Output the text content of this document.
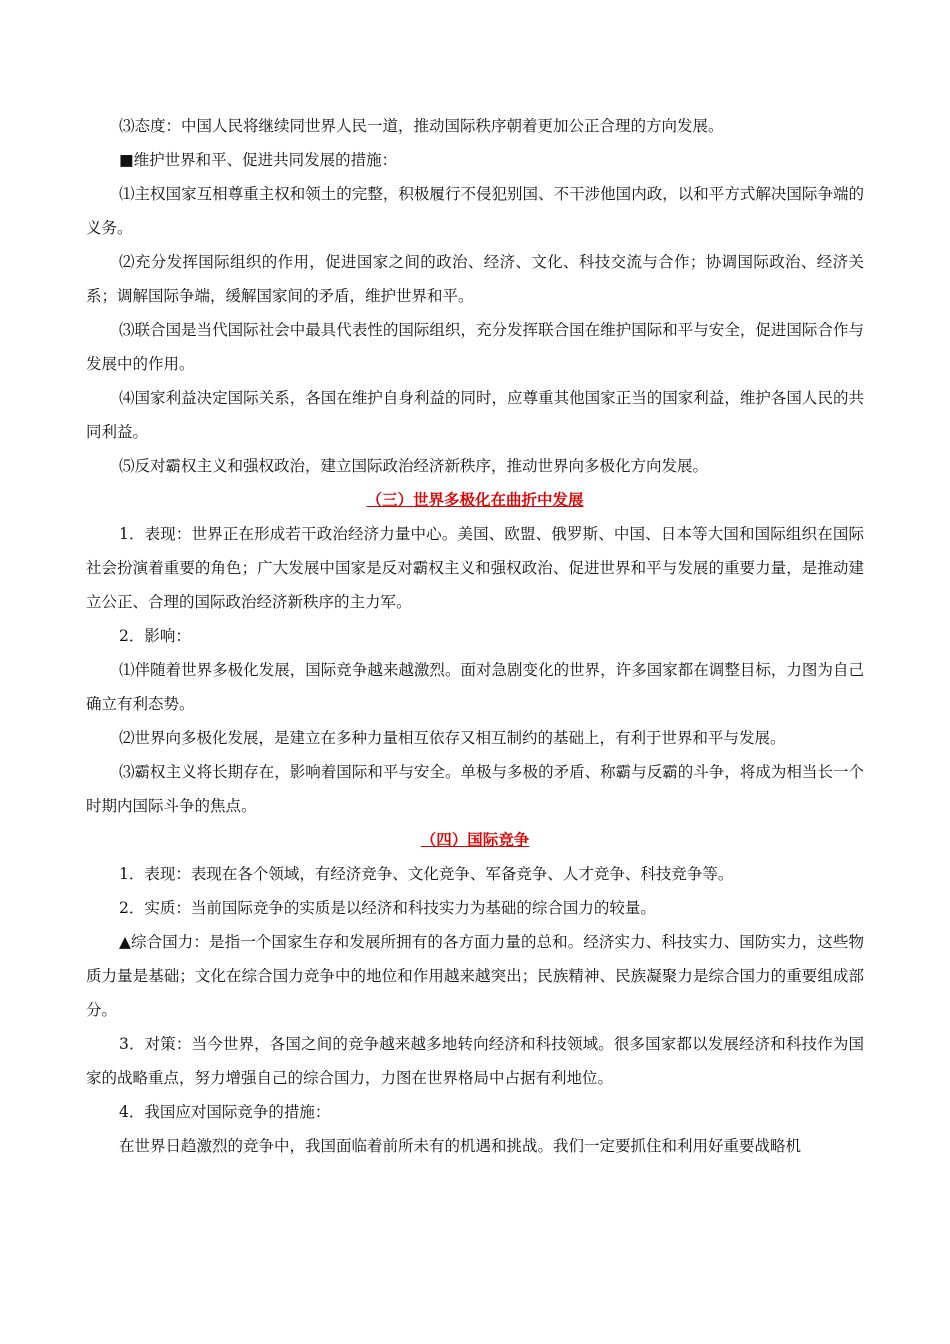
⑶态度：中国人民将继续同世界人民一道，推动国际秩序朝着更加公正合理的方向发展。

■维护世界和平、促进共同发展的措施：

⑴主权国家互相尊重主权和领土的完整，积极履行不侵犯别国、不干涉他国内政，以和平方式解决国际争端的义务。

⑵充分发挥国际组织的作用，促进国家之间的政治、经济、文化、科技交流与合作；协调国际政治、经济关系；调解国际争端，缓解国家间的矛盾，维护世界和平。

⑶联合国是当代国际社会中最具代表性的国际组织，充分发挥联合国在维护国际和平与安全，促进国际合作与发展中的作用。

⑷国家利益决定国际关系，各国在维护自身利益的同时，应尊重其他国家正当的国家利益，维护各国人民的共同利益。

⑸反对霸权主义和强权政治，建立国际政治经济新秩序，推动世界向多极化方向发展。

（三）世界多极化在曲折中发展

1．表现：世界正在形成若干政治经济力量中心。美国、欧盟、俄罗斯、中国、日本等大国和国际组织在国际社会扮演着重要的角色；广大发展中国家是反对霸权主义和强权政治、促进世界和平与发展的重要力量，是推动建立公正、合理的国际政治经济新秩序的主力军。

2．影响：

⑴伴随着世界多极化发展，国际竞争越来越激烈。面对急剧变化的世界，许多国家都在调整目标，力图为自己确立有利态势。

⑵世界向多极化发展，是建立在多种力量相互依存又相互制约的基础上，有利于世界和平与发展。

⑶霸权主义将长期存在，影响着国际和平与安全。单极与多极的矛盾、称霸与反霸的斗争，将成为相当长一个时期内国际斗争的焦点。

（四）国际竞争

1．表现：表现在各个领域，有经济竞争、文化竞争、军备竞争、人才竞争、科技竞争等。

2．实质：当前国际竞争的实质是以经济和科技实力为基础的综合国力的较量。

▲综合国力：是指一个国家生存和发展所拥有的各方面力量的总和。经济实力、科技实力、国防实力，这些物质力量是基础；文化在综合国力竞争中的地位和作用越来越突出；民族精神、民族凝聚力是综合国力的重要组成部分。

3．对策：当今世界，各国之间的竞争越来越多地转向经济和科技领域。很多国家都以发展经济和科技作为国家的战略重点，努力增强自己的综合国力，力图在世界格局中占据有利地位。

4．我国应对国际竞争的措施：

在世界日趋激烈的竞争中，我国面临着前所未有的机遇和挑战。我们一定要抓住和利用好重要战略机
